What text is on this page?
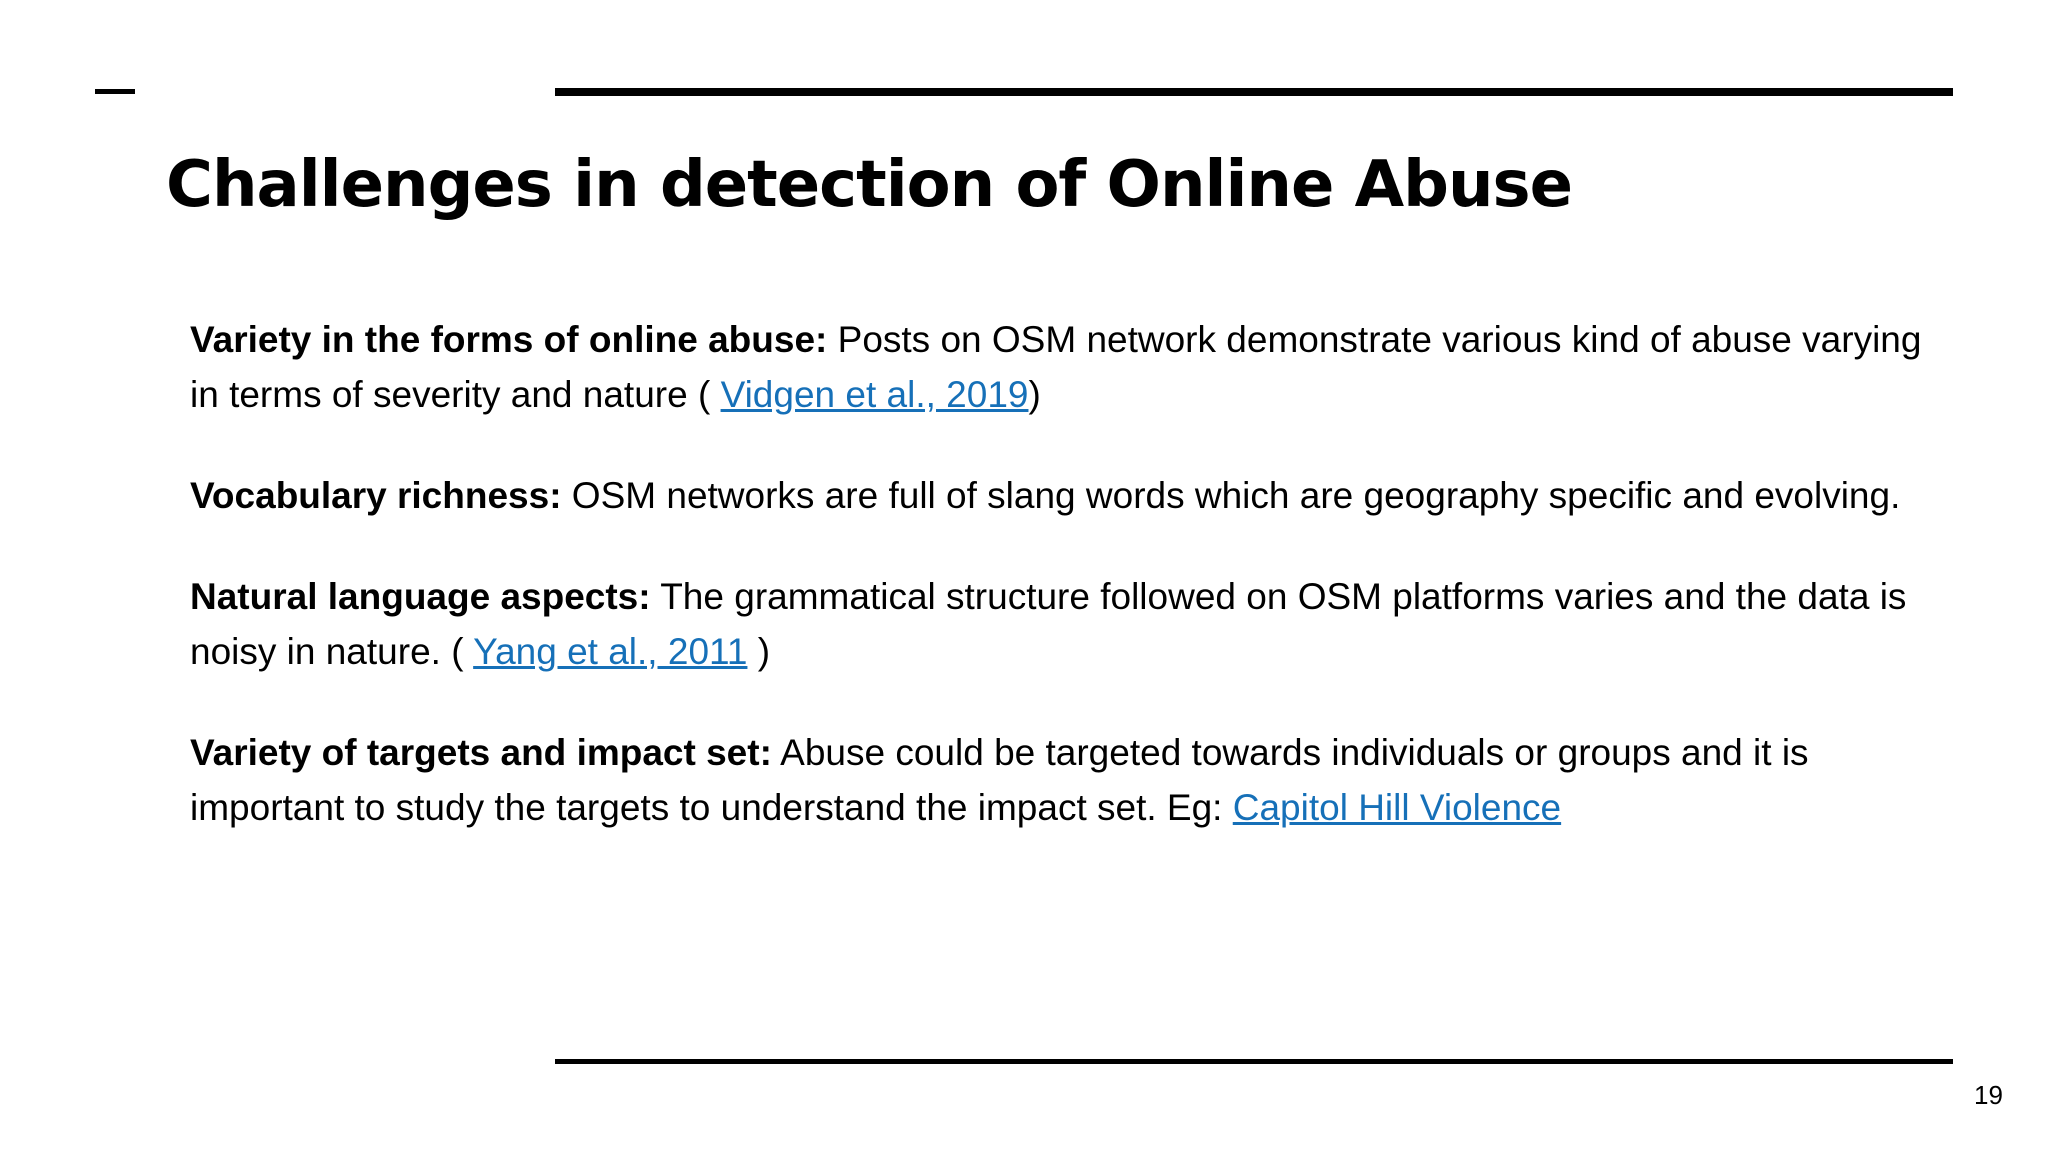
Challenges in detection of Online Abuse

Variety in the forms of online abuse: Posts on OSM network demonstrate various kind of abuse varying in terms of severity and nature ( Vidgen et al., 2019)

Vocabulary richness: OSM networks are full of slang words which are geography speciﬁc and evolving.

Natural language aspects: The grammatical structure followed on OSM platforms varies and the data is noisy in nature. ( Yang et al., 2011 )

Variety of targets and impact set: Abuse could be targeted towards individuals or groups and it is important to study the targets to understand the impact set. Eg: Capitol Hill Violence

19
